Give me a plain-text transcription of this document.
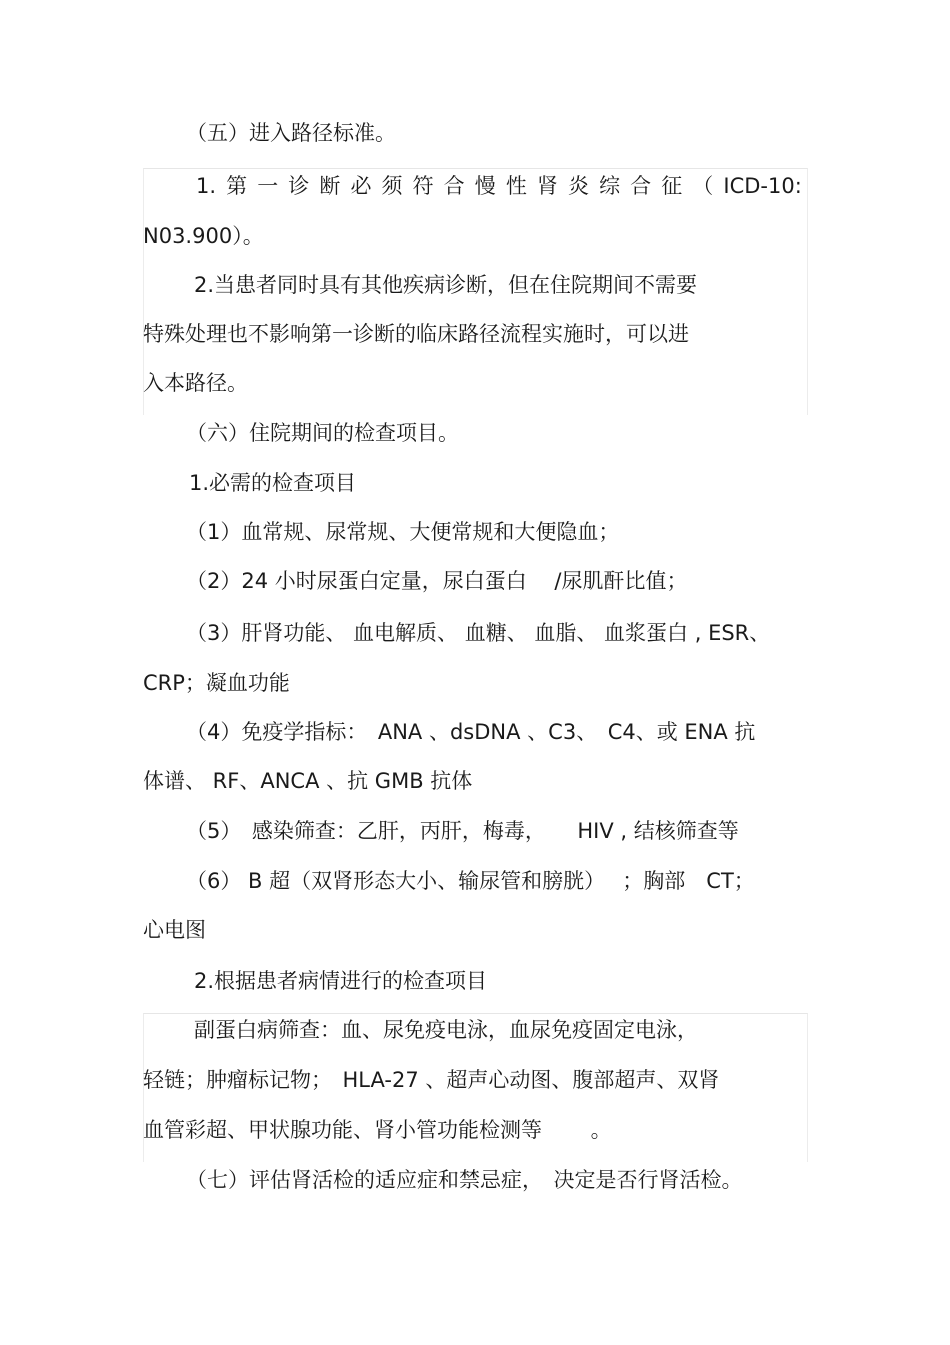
（五）进入路径标准。
1. 第 一 诊 断 必 须 符 合 慢 性 肾 炎 综 合 征 （ ICD-10:
N03.900）。
2.当患者同时具有其他疾病诊断，但在住院期间不需要
特殊处理也不影响第一诊断的临床路径流程实施时，可以进
入本路径。
（六）住院期间的检查项目。
1.必需的检查项目
（1）血常规、尿常规、大便常规和大便隐血；
（2）24 小时尿蛋白定量，尿白蛋白　 /尿肌酐比值；
（3）肝肾功能、 血电解质、 血糖、 血脂、 血浆蛋白 , ESR、
CRP；凝血功能
（4）免疫学指标：　ANA 、dsDNA 、C3、　C4、或 ENA 抗
体谱、 RF、ANCA 、抗 GMB 抗体
（5）　感染筛查：乙肝，丙肝，梅毒，　　HIV , 结核筛查等
（6） B 超（双肾形态大小、输尿管和膀胱）　 ；胸部　CT；
心电图
2.根据患者病情进行的检查项目
副蛋白病筛查：血、尿免疫电泳，血尿免疫固定电泳，
轻链；肿瘤标记物；　HLA-27 、超声心动图、腹部超声、双肾
血管彩超、甲状腺功能、肾小管功能检测等　　 。
（七）评估肾活检的适应症和禁忌症，　决定是否行肾活检。
